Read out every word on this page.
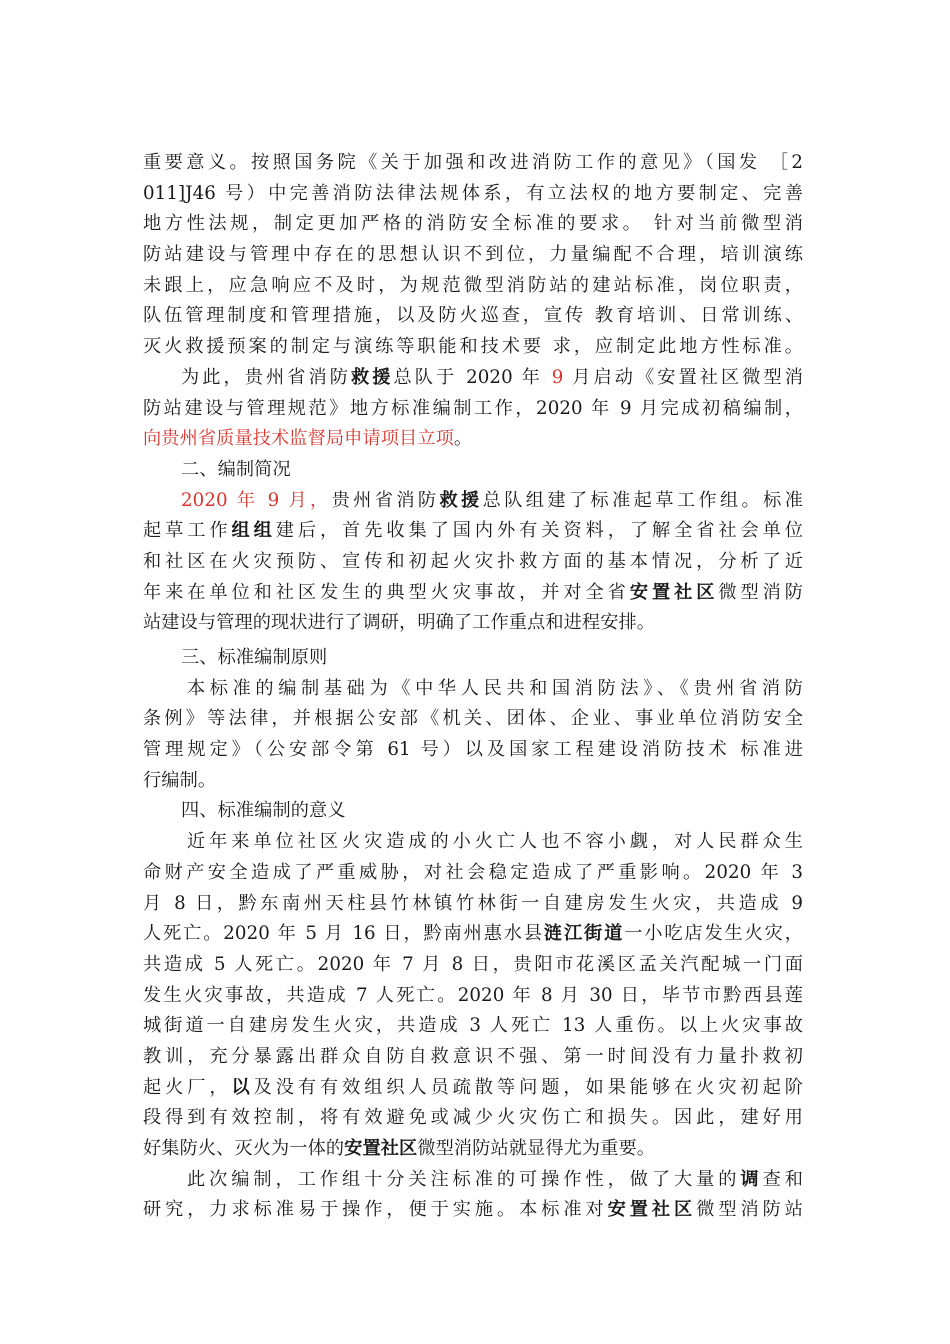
重要意义。按照国务院《关于加强和改进消防工作的意见》（国发 ［2
011]J46 号）中完善消防法律法规体系，有立法权的地方要制定、完善
地方性法规，制定更加严格的消防安全标准的要求。 针对当前微型消
防站建设与管理中存在的思想认识不到位，力量编配不合理，培训演练
未跟上，应急响应不及时，为规范微型消防站的建站标准，岗位职责，
队伍管理制度和管理措施，以及防火巡查，宣传 教育培训、日常训练、
灭火救援预案的制定与演练等职能和技术要 求，应制定此地方性标准。
为此，贵州省消防救援总队于 2020 年 9 月启动《安置社区微型消
防站建设与管理规范》地方标准编制工作，2020 年 9 月完成初稿编制，
向贵州省质量技术监督局申请项目立项。
二、编制简况
2020 年 9 月，贵州省消防救援总队组建了标准起草工作组。标准
起草工作组组建后，首先收集了国内外有关资料，了解全省社会单位
和社区在火灾预防、宣传和初起火灾扑救方面的基本情况，分析了近
年来在单位和社区发生的典型火灾事故，并对全省安置社区微型消防
站建设与管理的现状进行了调研，明确了工作重点和进程安排。
三、标准编制原则
本标准的编制基础为《中华人民共和国消防法》、《贵州省消防
条例》等法律，并根据公安部《机关、团体、企业、事业单位消防安全
管理规定》（公安部令第 61 号）以及国家工程建设消防技术 标准进
行编制。
四、标准编制的意义
近年来单位社区火灾造成的小火亡人也不容小觑，对人民群众生
命财产安全造成了严重威胁，对社会稳定造成了严重影响。2020 年 3
月 8 日，黔东南州天柱县竹林镇竹林街一自建房发生火灾，共造成 9
人死亡。2020 年 5 月 16 日，黔南州惠水县涟江街道一小吃店发生火灾，
共造成 5 人死亡。2020 年 7 月 8 日，贵阳市花溪区孟关汽配城一门面
发生火灾事故，共造成 7 人死亡。2020 年 8 月 30 日，毕节市黔西县莲
城街道一自建房发生火灾，共造成 3 人死亡 13 人重伤。以上火灾事故
教训，充分暴露出群众自防自救意识不强、第一时间没有力量扑救初
起火厂，以及没有有效组织人员疏散等问题，如果能够在火灾初起阶
段得到有效控制，将有效避免或减少火灾伤亡和损失。因此，建好用
好集防火、灭火为一体的安置社区微型消防站就显得尤为重要。
此次编制，工作组十分关注标准的可操作性，做了大量的调查和
研究，力求标准易于操作，便于实施。本标准对安置社区微型消防站
